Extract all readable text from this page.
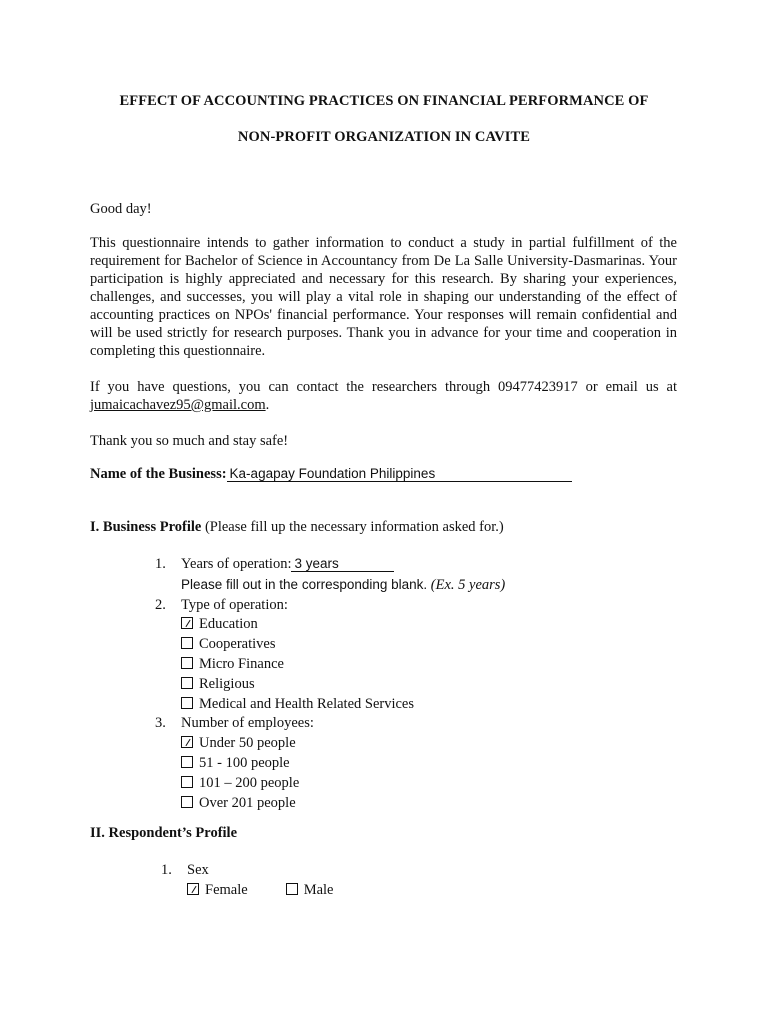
EFFECT OF ACCOUNTING PRACTICES ON FINANCIAL PERFORMANCE OF
NON-PROFIT ORGANIZATION IN CAVITE
Good day!
This questionnaire intends to gather information to conduct a study in partial fulfillment of the requirement for Bachelor of Science in Accountancy from De La Salle University-Dasmarinas. Your participation is highly appreciated and necessary for this research. By sharing your experiences, challenges, and successes, you will play a vital role in shaping our understanding of the effect of accounting practices on NPOs' financial performance. Your responses will remain confidential and will be used strictly for research purposes. Thank you in advance for your time and cooperation in completing this questionnaire.
If you have questions, you can contact the researchers through 09477423917 or email us at jumaicachavez95@gmail.com.
Thank you so much and stay safe!
Name of the Business: Ka-agapay Foundation Philippines
I. Business Profile (Please fill up the necessary information asked for.)
1. Years of operation: 3 years
Please fill out in the corresponding blank. (Ex. 5 years)
2. Type of operation:
Education
Cooperatives
Micro Finance
Religious
Medical and Health Related Services
3. Number of employees:
Under 50 people
51 - 100 people
101 – 200 people
Over 201 people
II. Respondent’s Profile
1. Sex
Female	Male
